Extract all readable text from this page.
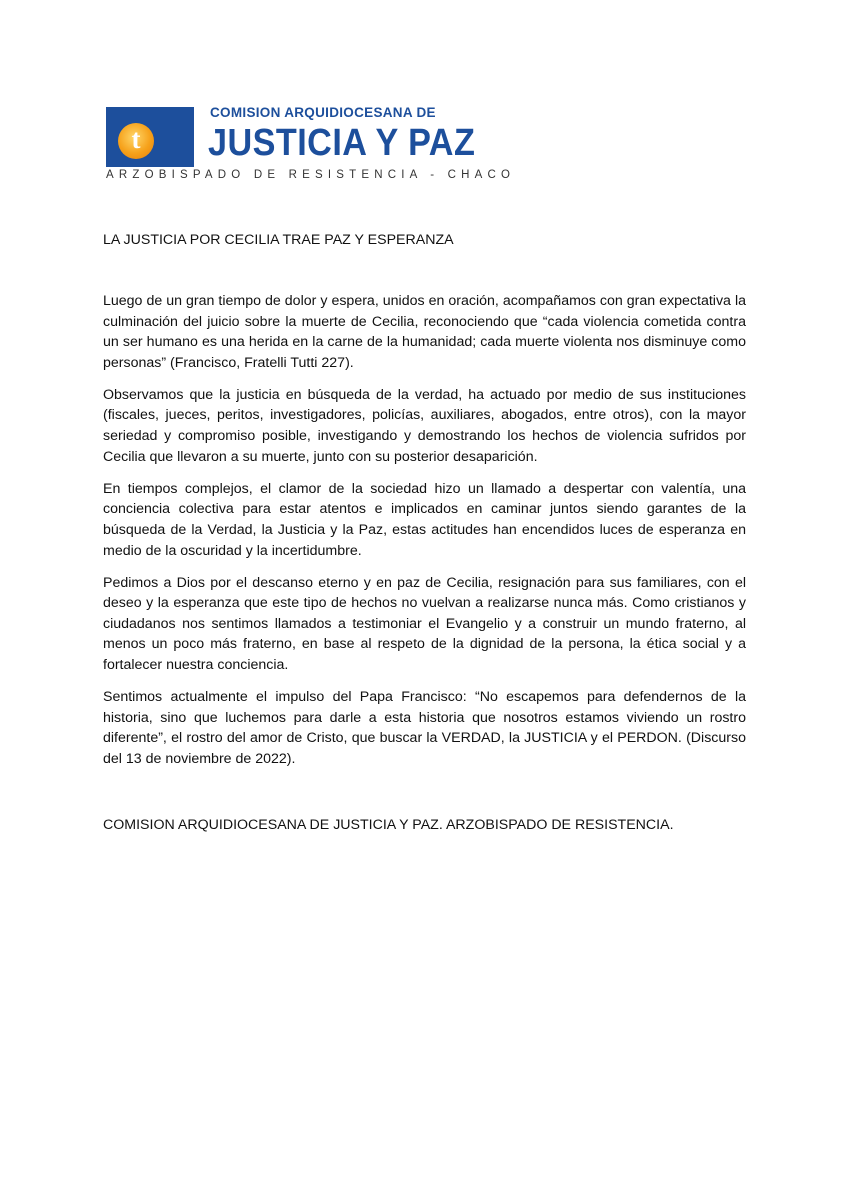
t
COMISION ARQUIDIOCESANA DE
JUSTICIA Y PAZ
ARZOBISPADO DE RESISTENCIA - CHACO
LA JUSTICIA POR CECILIA TRAE PAZ Y ESPERANZA

Luego de un gran tiempo de dolor y espera, unidos en oración, acompañamos con gran expectativa la culminación del juicio sobre la muerte de Cecilia, reconociendo que “cada violencia cometida contra un ser humano es una herida en la carne de la humanidad; cada muerte violenta nos disminuye como personas” (Francisco, Fratelli Tutti 227).

Observamos que la justicia en búsqueda de la verdad, ha actuado por medio de sus instituciones (fiscales, jueces, peritos, investigadores, policías, auxiliares, abogados, entre otros), con la mayor seriedad y compromiso posible, investigando y demostrando los hechos de violencia sufridos por Cecilia que llevaron a su muerte, junto con su posterior desaparición.

En tiempos complejos, el clamor de la sociedad hizo un llamado a despertar con valentía, una conciencia colectiva para estar atentos e implicados en caminar juntos siendo garantes de la búsqueda de la Verdad, la Justicia y la Paz, estas actitudes han encendidos luces de esperanza en medio de la oscuridad y la incertidumbre.

Pedimos a Dios por el descanso eterno y en paz de Cecilia, resignación para sus familiares, con el deseo y la esperanza que este tipo de hechos no vuelvan a realizarse nunca más. Como cristianos y ciudadanos nos sentimos llamados a testimoniar el Evangelio y a construir un mundo fraterno, al menos un poco más fraterno, en base al respeto de la dignidad de la persona, la ética social y a fortalecer nuestra conciencia.

Sentimos actualmente el impulso del Papa Francisco: “No escapemos para defendernos de la historia, sino que luchemos para darle a esta historia que nosotros estamos viviendo un rostro diferente”, el rostro del amor de Cristo, que buscar la VERDAD, la JUSTICIA y el PERDON. (Discurso del 13 de noviembre de 2022).

COMISION ARQUIDIOCESANA DE JUSTICIA Y PAZ. ARZOBISPADO DE RESISTENCIA.
